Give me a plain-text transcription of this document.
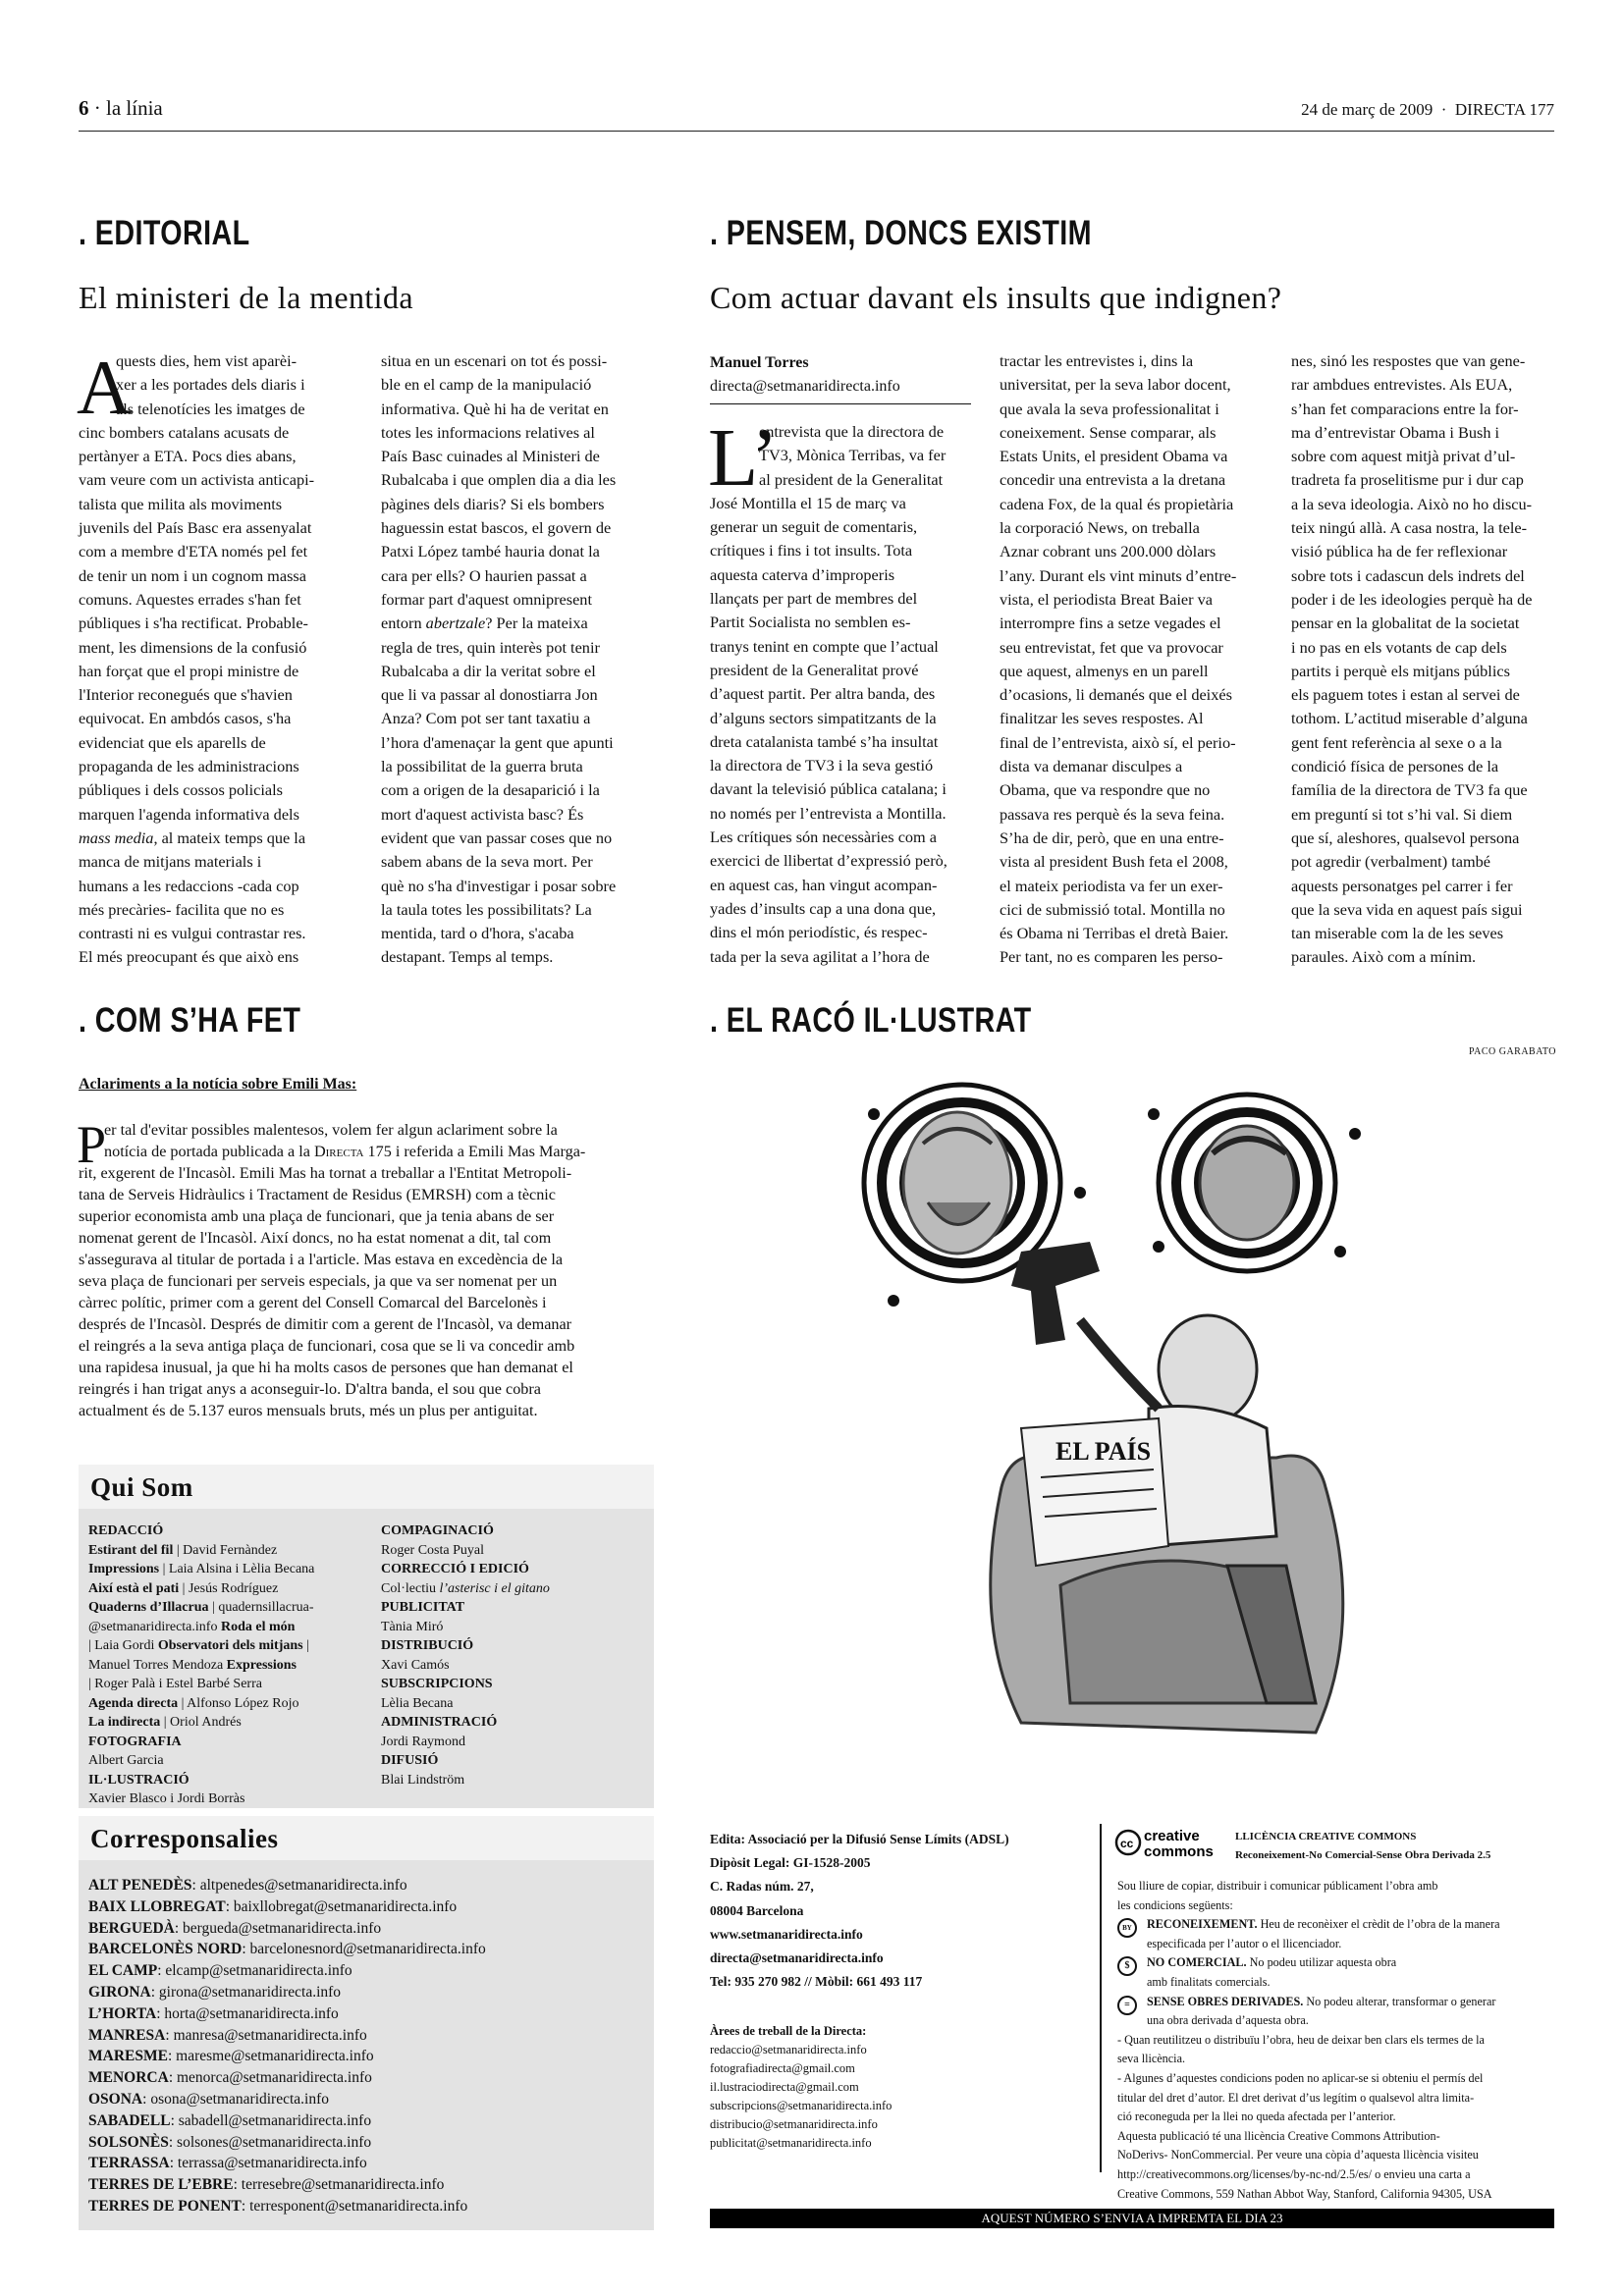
6 · la línia	24 de març de 2009  ·  DIRECTA 177
. EDITORIAL
El ministeri de la mentida
A
quests dies, hem vist aparèi-
xer a les portades dels diaris i
als telenotícies les imatges de
cinc bombers catalans acusats de
pertànyer a ETA. Pocs dies abans,
vam veure com un activista anticapi-
talista que milita als moviments
juvenils del País Basc era assenyalat
com a membre d'ETA només pel fet
de tenir un nom i un cognom massa
comuns. Aquestes errades s'han fet
públiques i s'ha rectificat. Probable-
ment, les dimensions de la confusió
han forçat que el propi ministre de
l'Interior reconegués que s'havien
equivocat. En ambdós casos, s'ha
evidenciat que els aparells de
propaganda de les administracions
públiques i dels cossos policials
marquen l'agenda informativa dels
mass media, al mateix temps que la
manca de mitjans materials i
humans a les redaccions -cada cop
més precàries- facilita que no es
contrasti ni es vulgui contrastar res.
El més preocupant és que això ens
situa en un escenari on tot és possi-
ble en el camp de la manipulació
informativa. Què hi ha de veritat en
totes les informacions relatives al
País Basc cuinades al Ministeri de
Rubalcaba i que omplen dia a dia les
pàgines dels diaris? Si els bombers
haguessin estat bascos, el govern de
Patxi López també hauria donat la
cara per ells? O haurien passat a
formar part d'aquest omnipresent
entorn abertzale? Per la mateixa
regla de tres, quin interès pot tenir
Rubalcaba a dir la veritat sobre el
que li va passar al donostiarra Jon
Anza? Com pot ser tant taxatiu a
l’hora d'amenaçar la gent que apunti
la possibilitat de la guerra bruta
com a origen de la desaparició i la
mort d'aquest activista basc? És
evident que van passar coses que no
sabem abans de la seva mort. Per
què no s'ha d'investigar i posar sobre
la taula totes les possibilitats? La
mentida, tard o d'hora, s'acaba
destapant. Temps al temps.
. PENSEM, DONCS EXISTIM
Com actuar davant els insults que indignen?
Manuel Torres
directa@setmanaridirecta.info
L’
entrevista que la directora de
TV3, Mònica Terribas, va fer
al president de la Generalitat
José Montilla el 15 de març va
generar un seguit de comentaris,
crítiques i fins i tot insults. Tota
aquesta caterva d’improperis
llançats per part de membres del
Partit Socialista no semblen es-
tranys tenint en compte que l’actual
president de la Generalitat prové
d’aquest partit. Per altra banda, des
d’alguns sectors simpatitzants de la
dreta catalanista també s’ha insultat
la directora de TV3 i la seva gestió
davant la televisió pública catalana; i
no només per l’entrevista a Montilla.
Les crítiques són necessàries com a
exercici de llibertat d’expressió però,
en aquest cas, han vingut acompan-
yades d’insults cap a una dona que,
dins el món periodístic, és respec-
tada per la seva agilitat a l’hora de
tractar les entrevistes i, dins la
universitat, per la seva labor docent,
que avala la seva professionalitat i
coneixement. Sense comparar, als
Estats Units, el president Obama va
concedir una entrevista a la dretana
cadena Fox, de la qual és propietària
la corporació News, on treballa
Aznar cobrant uns 200.000 dòlars
l’any. Durant els vint minuts d’entre-
vista, el periodista Breat Baier va
interrompre fins a setze vegades el
seu entrevistat, fet que va provocar
que aquest, almenys en un parell
d’ocasions, li demanés que el deixés
finalitzar les seves respostes. Al
final de l’entrevista, això sí, el perio-
dista va demanar disculpes a
Obama, que va respondre que no
passava res perquè és la seva feina.
S’ha de dir, però, que en una entre-
vista al president Bush feta el 2008,
el mateix periodista va fer un exer-
cici de submissió total. Montilla no
és Obama ni Terribas el dretà Baier.
Per tant, no es comparen les perso-
nes, sinó les respostes que van gene-
rar ambdues entrevistes. Als EUA,
s’han fet comparacions entre la for-
ma d’entrevistar Obama i Bush i
sobre com aquest mitjà privat d’ul-
tradreta fa proselitisme pur i dur cap
a la seva ideologia. Això no ho discu-
teix ningú allà. A casa nostra, la tele-
visió pública ha de fer reflexionar
sobre tots i cadascun dels indrets del
poder i de les ideologies perquè ha de
pensar en la globalitat de la societat
i no pas en els votants de cap dels
partits i perquè els mitjans públics
els paguem totes i estan al servei de
tothom. L’actitud miserable d’alguna
gent fent referència al sexe o a la
condició física de persones de la
família de la directora de TV3 fa que
em preguntí si tot s’hi val. Si diem
que sí, aleshores, qualsevol persona
pot agredir (verbalment) també
aquests personatges pel carrer i fer
que la seva vida en aquest país sigui
tan miserable com la de les seves
paraules. Això com a mínim.
. COM S’HA FET
Aclariments a la notícia sobre Emili Mas:
P
er tal d'evitar possibles malentesos, volem fer algun aclariment sobre la
notícia de portada publicada a la Directa 175 i referida a Emili Mas Marga-
rit, exgerent de l'Incasòl. Emili Mas ha tornat a treballar a l'Entitat Metropoli-
tana de Serveis Hidràulics i Tractament de Residus (EMRSH) com a tècnic
superior economista amb una plaça de funcionari, que ja tenia abans de ser
nomenat gerent de l'Incasòl. Així doncs, no ha estat nomenat a dit, tal com
s'assegurava al titular de portada i a l'article. Mas estava en excedència de la
seva plaça de funcionari per serveis especials, ja que va ser nomenat per un
càrrec polític, primer com a gerent del Consell Comarcal del Barcelonès i
després de l'Incasòl. Després de dimitir com a gerent de l'Incasòl, va demanar
el reingrés a la seva antiga plaça de funcionari, cosa que se li va concedir amb
una rapidesa inusual, ja que hi ha molts casos de persones que han demanat el
reingrés i han trigat anys a aconseguir-lo. D'altra banda, el sou que cobra
actualment és de 5.137 euros mensuals bruts, més un plus per antiguitat.
. EL RACÓ IL·LUSTRAT
PACO GARABATO
EL PAÍS
Qui Som
REDACCIÓ
Estirant del fil | David Fernàndez
Impressions | Laia Alsina i Lèlia Becana
Així està el pati | Jesús Rodríguez
Quaderns d’Illacrua | quadernsillacrua-
@setmanaridirecta.info Roda el món
| Laia Gordi Observatori dels mitjans |
Manuel Torres Mendoza Expressions
| Roger Palà i Estel Barbé Serra
Agenda directa | Alfonso López Rojo
La indirecta | Oriol Andrés
FOTOGRAFIA
Albert Garcia
IL·LUSTRACIÓ
Xavier Blasco i Jordi Borràs
COMPAGINACIÓ
Roger Costa Puyal
CORRECCIÓ I EDICIÓ
Col·lectiu l’asterisc i el gitano
PUBLICITAT
Tània Miró
DISTRIBUCIÓ
Xavi Camós
SUBSCRIPCIONS
Lèlia Becana
ADMINISTRACIÓ
Jordi Raymond
DIFUSIÓ
Blai Lindström
Corresponsalies
ALT PENEDÈS: altpenedes@setmanaridirecta.info
BAIX LLOBREGAT: baixllobregat@setmanaridirecta.info
BERGUEDÀ: bergueda@setmanaridirecta.info
BARCELONÈS NORD: barcelonesnord@setmanaridirecta.info
EL CAMP: elcamp@setmanaridirecta.info
GIRONA: girona@setmanaridirecta.info
L’HORTA: horta@setmanaridirecta.info
MANRESA: manresa@setmanaridirecta.info
MARESME: maresme@setmanaridirecta.info
MENORCA: menorca@setmanaridirecta.info
OSONA: osona@setmanaridirecta.info
SABADELL: sabadell@setmanaridirecta.info
SOLSONÈS: solsones@setmanaridirecta.info
TERRASSA: terrassa@setmanaridirecta.info
TERRES DE L’EBRE: terresebre@setmanaridirecta.info
TERRES DE PONENT: terresponent@setmanaridirecta.info
Edita: Associació per la Difusió Sense Límits (ADSL)
Dipòsit Legal: GI-1528-2005
C. Radas núm. 27,
08004 Barcelona
www.setmanaridirecta.info
directa@setmanaridirecta.info
Tel: 935 270 982 // Mòbil: 661 493 117
Àrees de treball de la Directa:
redaccio@setmanaridirecta.info
fotografiadirecta@gmail.com
il.lustraciodirecta@gmail.com
subscripcions@setmanaridirecta.info
distribucio@setmanaridirecta.info
publicitat@setmanaridirecta.info
cc creative
commons
LLICÈNCIA CREATIVE COMMONS
Reconeixement-No Comercial-Sense Obra Derivada 2.5
Sou lliure de copiar, distribuir i comunicar públicament l’obra amb
les condicions següents:
BY	RECONEIXEMENT. Heu de reconèixer el crèdit de l’obra de la manera
especificada per l’autor o el llicenciador.
$	NO COMERCIAL. No podeu utilizar aquesta obra
amb finalitats comercials.
=	SENSE OBRES DERIVADES. No podeu alterar, transformar o generar
una obra derivada d’aquesta obra.
- Quan reutilitzeu o distribuïu l’obra, heu de deixar ben clars els termes de la
seva llicència.
- Algunes d’aquestes condicions poden no aplicar-se si obteniu el permís del
titular del dret d’autor. El dret derivat d’us legítim o qualsevol altra limita-
ció reconeguda per la llei no queda afectada per l’anterior.
Aquesta publicació té una llicència Creative Commons Attribution-
NoDerivs- NonCommercial. Per veure una còpia d’aquesta llicència visiteu
http://creativecommons.org/licenses/by-nc-nd/2.5/es/ o envieu una carta a
Creative Commons, 559 Nathan Abbot Way, Stanford, California 94305, USA
AQUEST NÚMERO S’ENVIA A IMPREMTA EL DIA 23
